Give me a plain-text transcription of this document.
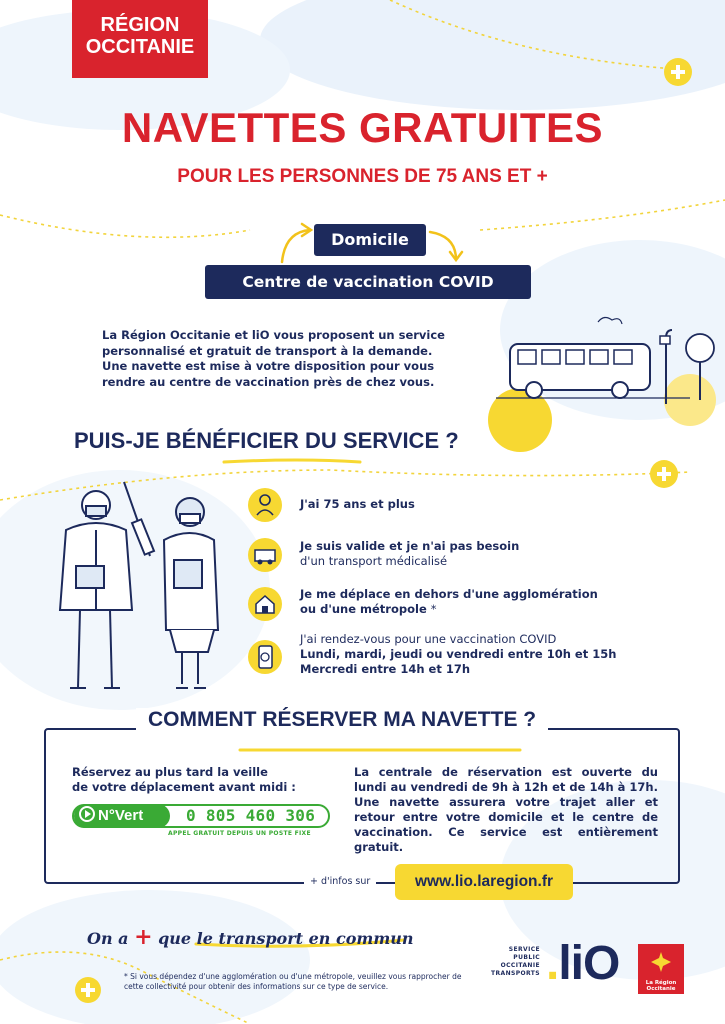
RÉGION
OCCITANIE
NAVETTES GRATUITES
POUR LES PERSONNES DE 75 ANS ET +
Domicile
Centre de vaccination COVID
La Région Occitanie et liO vous proposent un service
personnalisé et gratuit de transport à la demande.
Une navette est mise à votre disposition pour vous
rendre au centre de vaccination près de chez vous.
PUIS-JE BÉNÉFICIER DU SERVICE ?
J'ai 75 ans et plus
Je suis valide et je n'ai pas besoin
d'un transport médicalisé
Je me déplace en dehors d'une agglomération
ou d'une métropole *
J'ai rendez-vous pour une vaccination COVID
Lundi, mardi, jeudi ou vendredi entre 10h et 15h
Mercredi entre 14h et 17h
COMMENT RÉSERVER MA NAVETTE ?
Réservez au plus tard la veille
de votre déplacement avant midi :
N°Vert	0 805 460 306
APPEL GRATUIT DEPUIS UN POSTE FIXE
La centrale de réservation est ouverte du lundi au vendredi de 9h à 12h et de 14h à 17h. Une navette assurera votre trajet aller et retour entre votre domicile et le centre de vaccination. Ce service est entièrement gratuit.
+ d'infos sur	www.lio.laregion.fr
On a + que le transport en commun
* Si vous dépendez d'une agglomération ou d'une métropole, veuillez vous rapprocher de cette collectivité pour obtenir des informations sur ce type de service.
SERVICE
PUBLIC
OCCITANIE
TRANSPORTS .liO	La Région
Occitanie
